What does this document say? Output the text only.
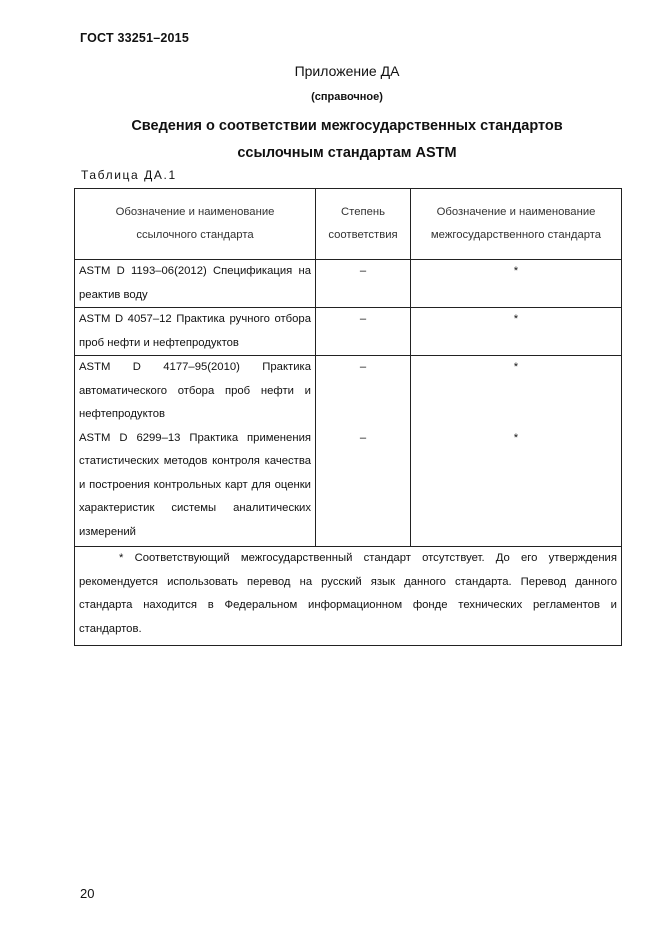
ГОСТ 33251–2015
Приложение ДА
(справочное)
Сведения о соответствии межгосударственных стандартов
ссылочным стандартам ASTM
Таблица ДА.1
Обозначение и наименование ссылочного стандарта	Степень соответствия	Обозначение и наименование межгосударственного стандарта
ASTM D 1193–06(2012) Спецификация на реактив воду	–	*
ASTM D 4057–12 Практика ручного отбора проб нефти и нефтепродуктов	–	*
ASTM D 4177–95(2010) Практика автоматического отбора проб нефти и нефтепродуктов	–	*
ASTM D 6299–13 Практика применения статистических методов контроля качества и построения контрольных карт для оценки характеристик системы аналитических измерений	–	*
* Соответствующий межгосударственный стандарт отсутствует. До его утверждения рекомендуется использовать перевод на русский язык данного стандарта. Перевод данного стандарта находится в Федеральном информационном фонде технических регламентов и стандартов.		
20
